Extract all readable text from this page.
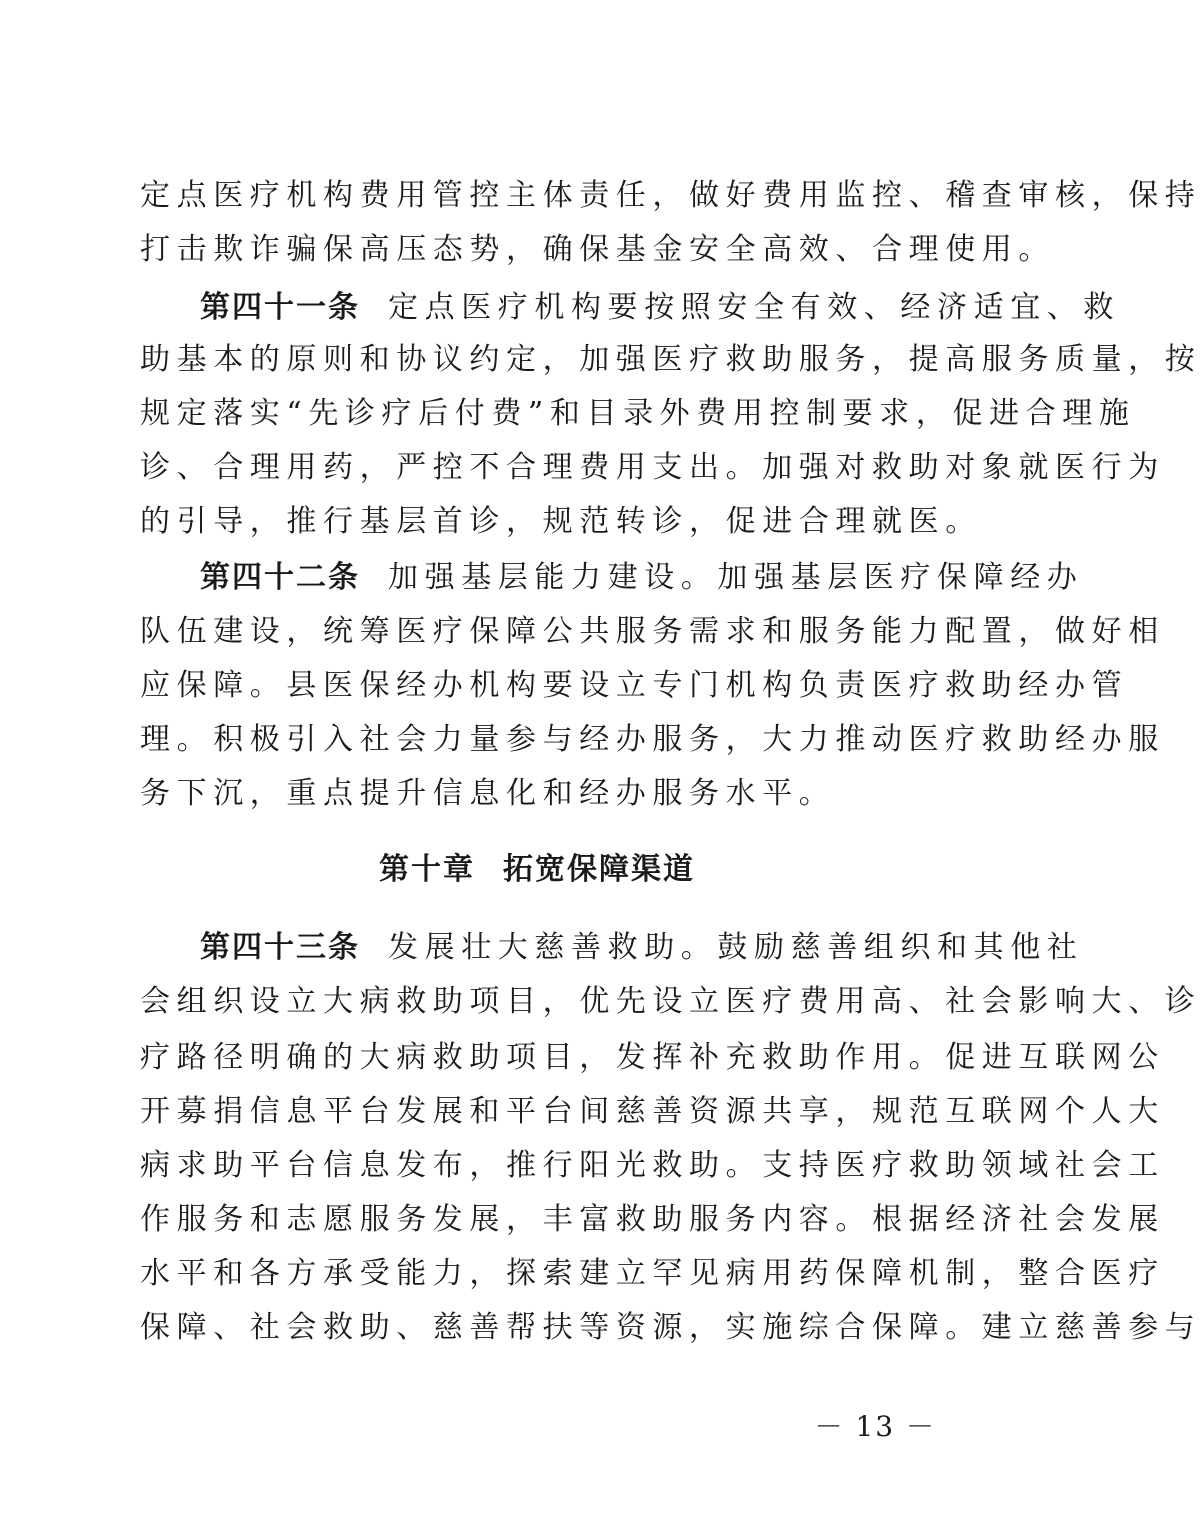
定点医疗机构费用管控主体责任，做好费用监控、稽查审核，保持
打击欺诈骗保高压态势，确保基金安全高效、合理使用。
第四十一条 定点医疗机构要按照安全有效、经济适宜、救
助基本的原则和协议约定，加强医疗救助服务，提高服务质量，按
规定落实“先诊疗后付费”和目录外费用控制要求，促进合理施
诊、合理用药，严控不合理费用支出。加强对救助对象就医行为
的引导，推行基层首诊，规范转诊，促进合理就医。
第四十二条 加强基层能力建设。加强基层医疗保障经办
队伍建设，统筹医疗保障公共服务需求和服务能力配置，做好相
应保障。县医保经办机构要设立专门机构负责医疗救助经办管
理。积极引入社会力量参与经办服务，大力推动医疗救助经办服
务下沉，重点提升信息化和经办服务水平。
第十章 拓宽保障渠道
第四十三条 发展壮大慈善救助。鼓励慈善组织和其他社
会组织设立大病救助项目，优先设立医疗费用高、社会影响大、诊
疗路径明确的大病救助项目，发挥补充救助作用。促进互联网公
开募捐信息平台发展和平台间慈善资源共享，规范互联网个人大
病求助平台信息发布，推行阳光救助。支持医疗救助领域社会工
作服务和志愿服务发展，丰富救助服务内容。根据经济社会发展
水平和各方承受能力，探索建立罕见病用药保障机制，整合医疗
保障、社会救助、慈善帮扶等资源，实施综合保障。建立慈善参与
－ 13 －
